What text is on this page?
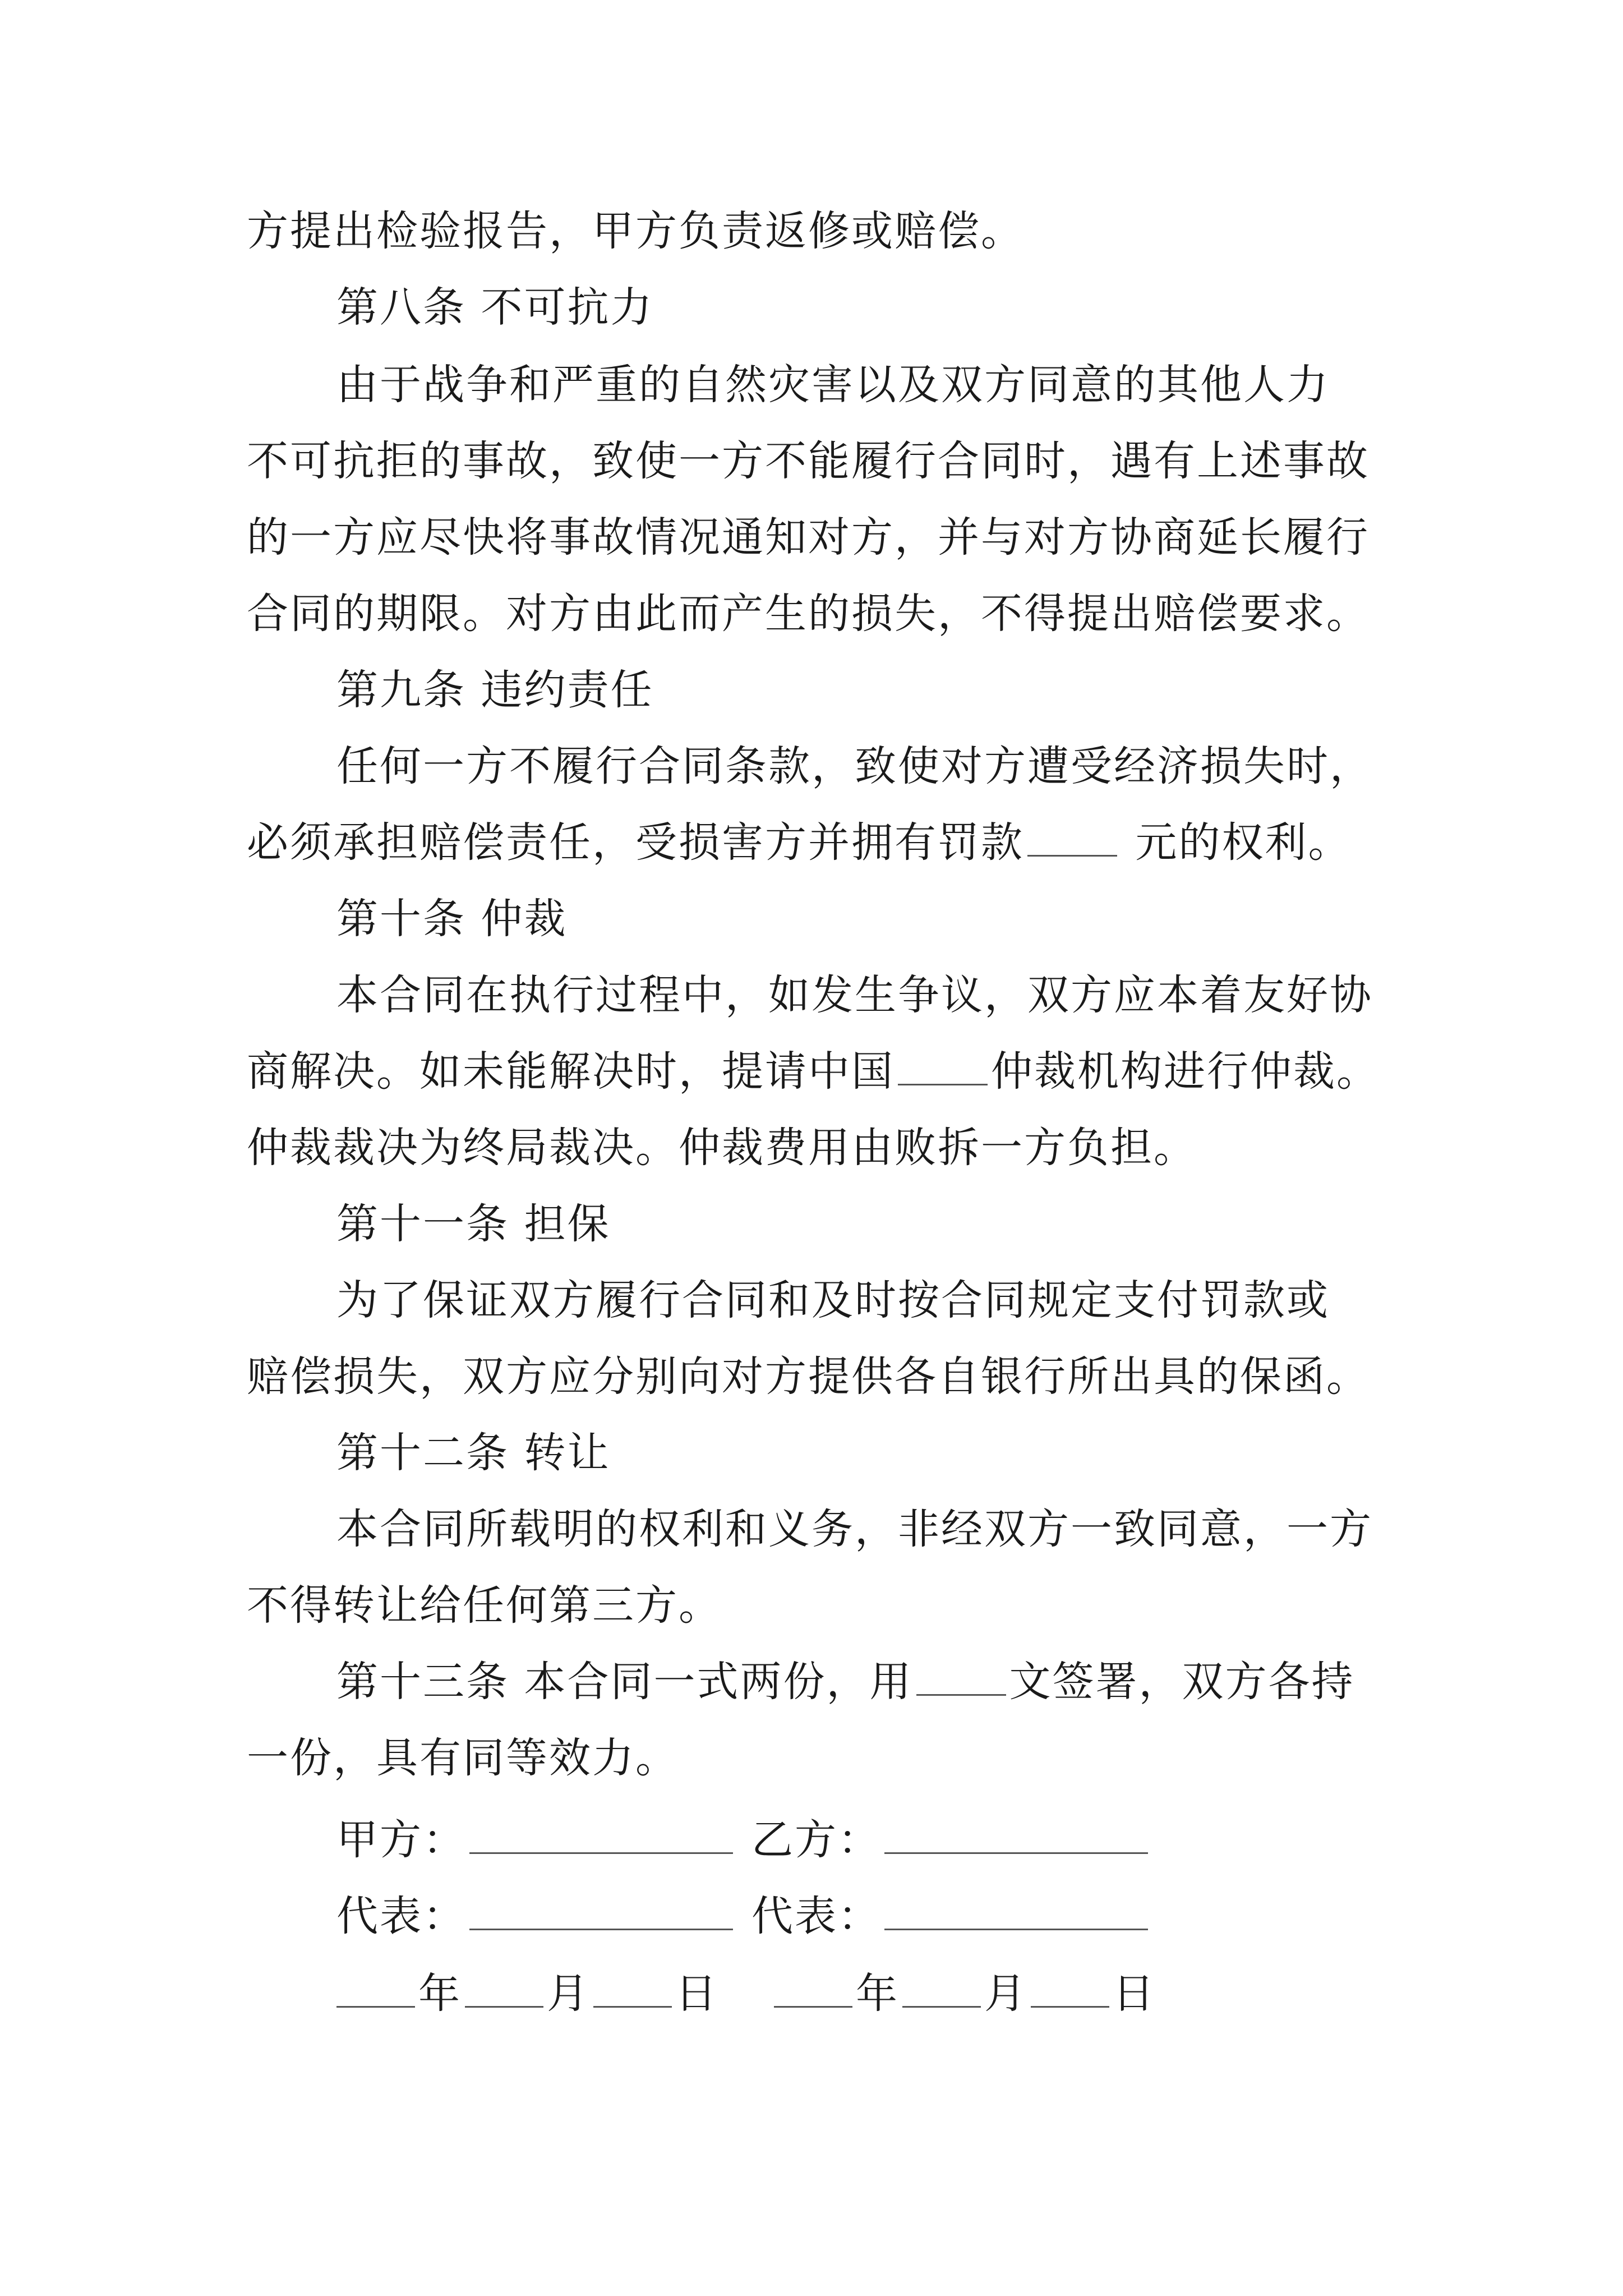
方提出检验报告，甲方负责返修或赔偿。
第八条 不可抗力
由于战争和严重的自然灾害以及双方同意的其他人力
不可抗拒的事故，致使一方不能履行合同时，遇有上述事故
的一方应尽快将事故情况通知对方，并与对方协商延长履行
合同的期限。对方由此而产生的损失，不得提出赔偿要求。
第九条 违约责任
任何一方不履行合同条款，致使对方遭受经济损失时，
必须承担赔偿责任，受损害方并拥有罚款 元的权利。
第十条 仲裁
本合同在执行过程中，如发生争议，双方应本着友好协
商解决。如未能解决时，提请中国 仲裁机构进行仲裁。
仲裁裁决为终局裁决。仲裁费用由败拆一方负担。
第十一条 担保
为了保证双方履行合同和及时按合同规定支付罚款或
赔偿损失，双方应分别向对方提供各自银行所出具的保函。
第十二条 转让
本合同所载明的权利和义务，非经双方一致同意，一方
不得转让给任何第三方。
第十三条 本合同一式两份，用 文签署，双方各持
一份，具有同等效力。
甲方：	乙方：
代表：	代表：
年 月 日	年 月 日
